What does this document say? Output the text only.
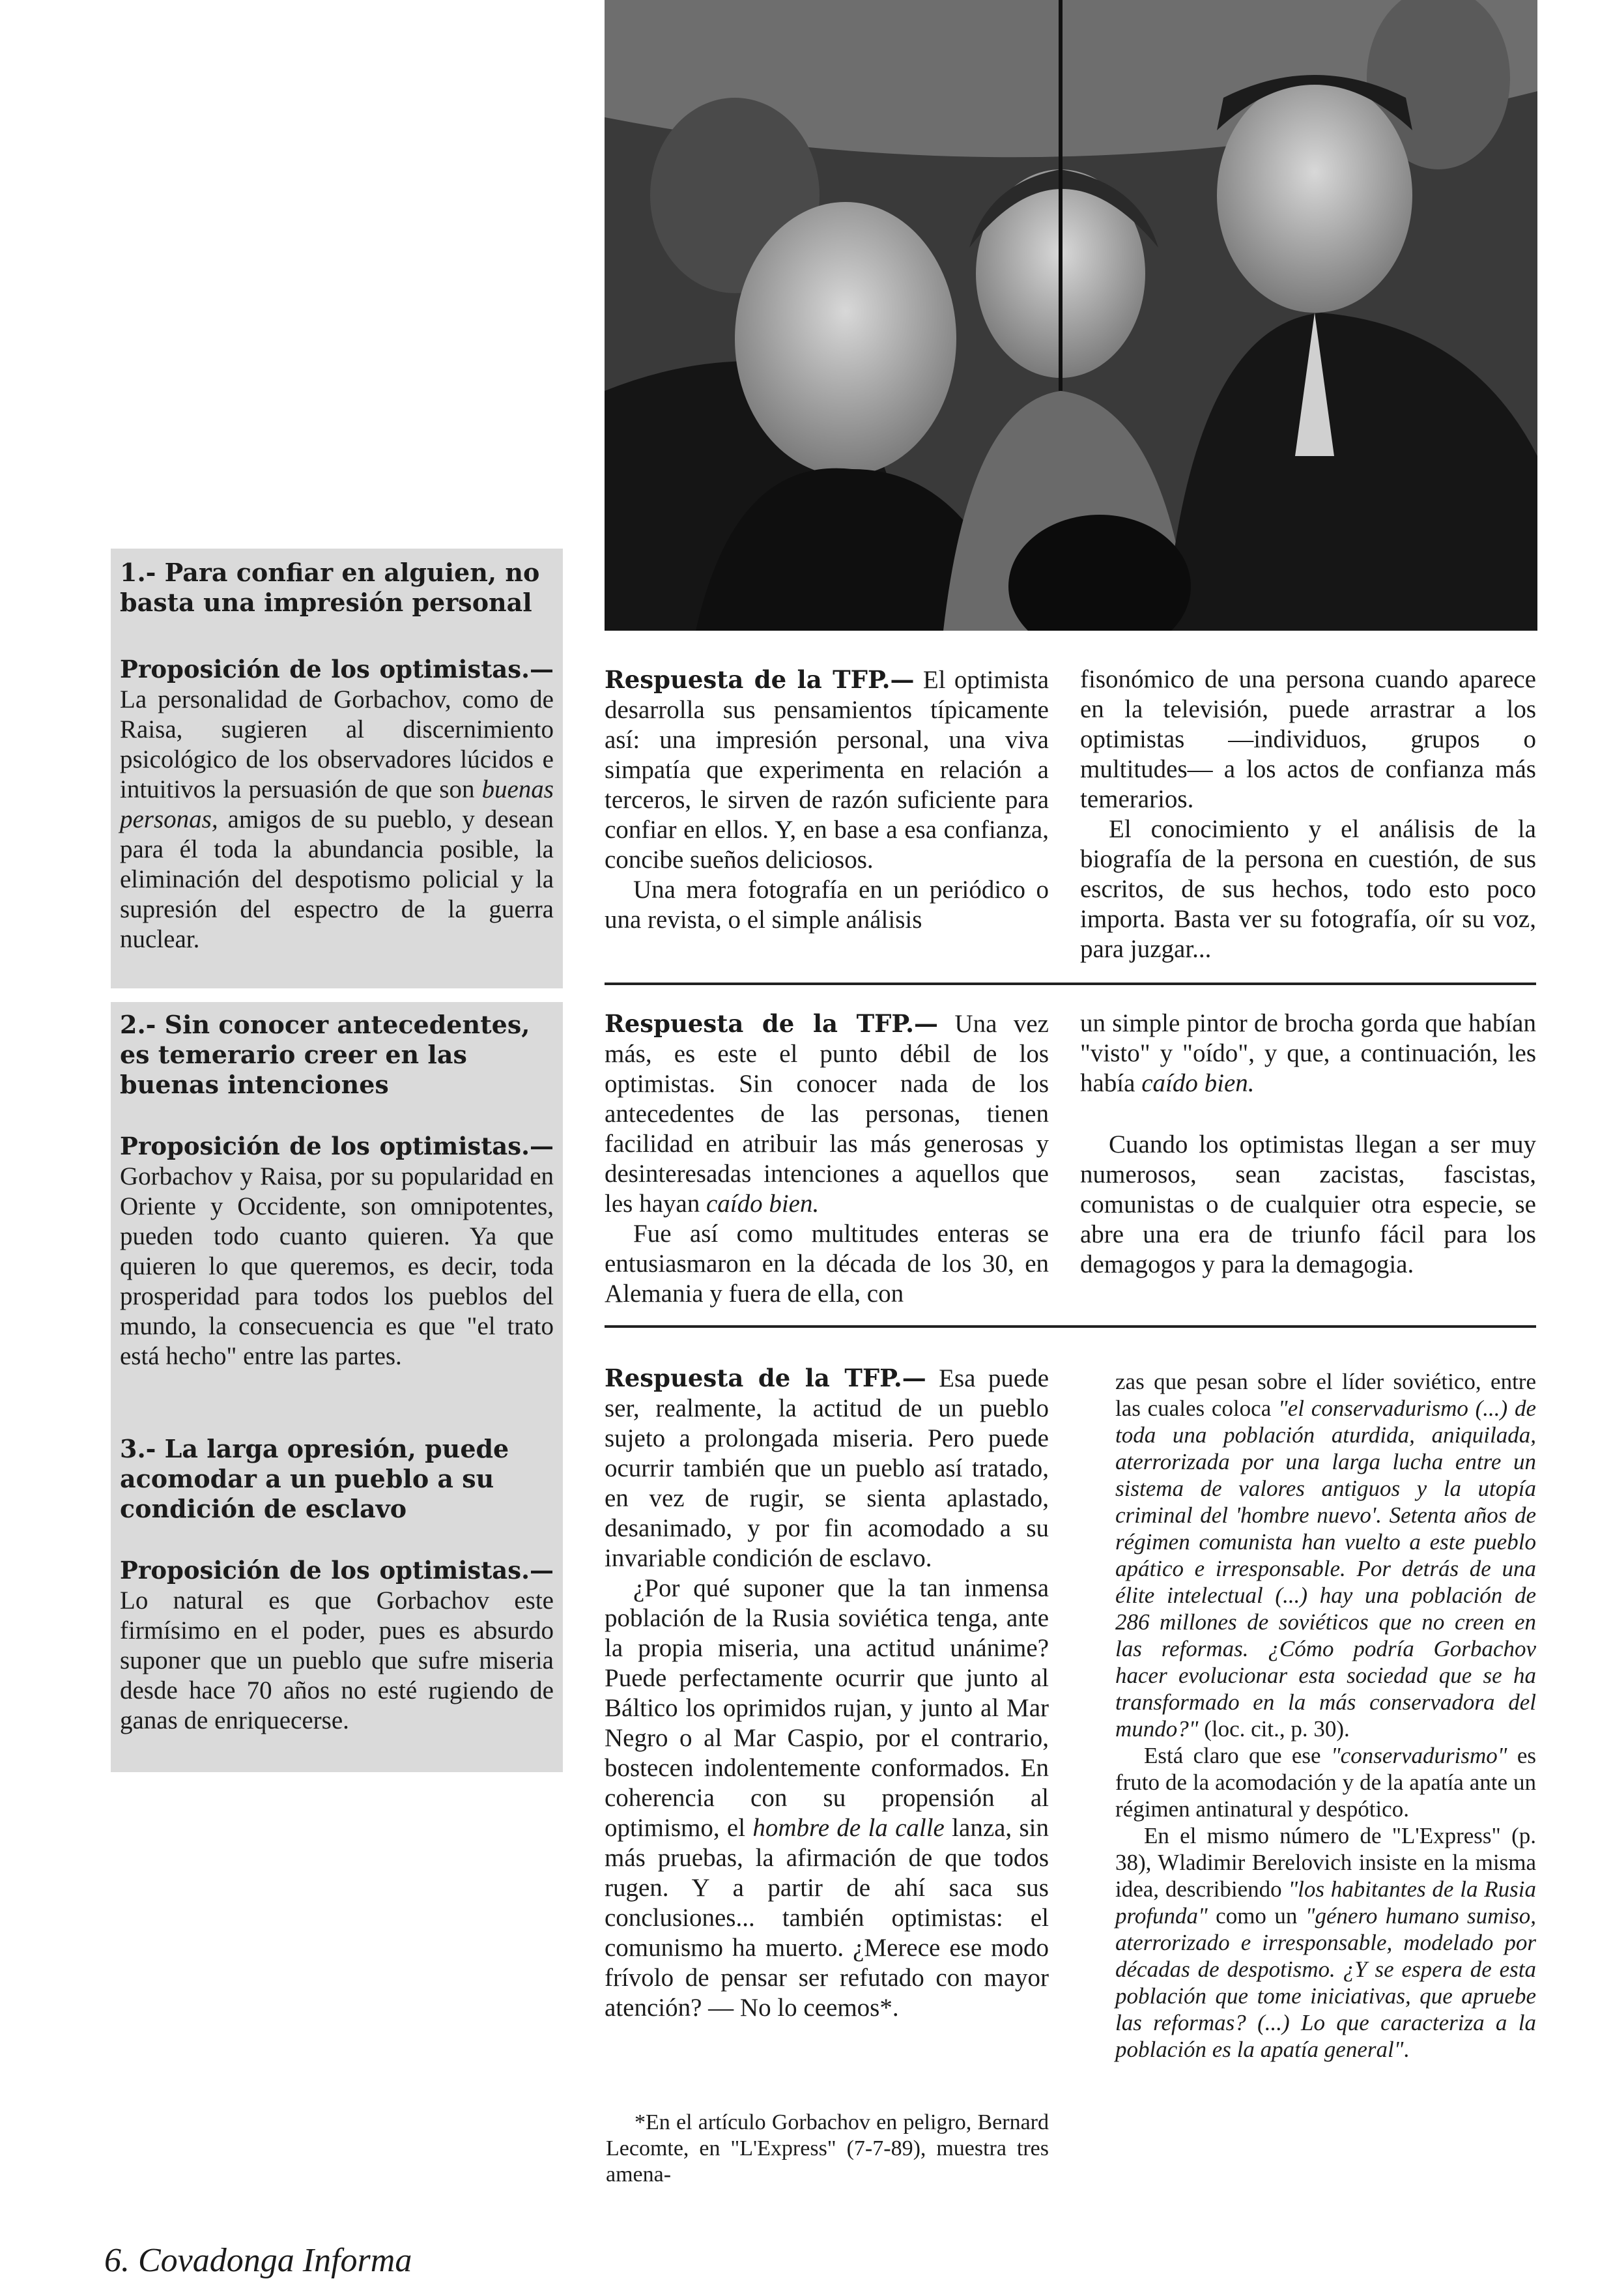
1.- Para confiar en alguien, no basta una impresión personal

Proposición de los optimistas.— La personalidad de Gorbachov, como de Raisa, sugieren al discernimiento psicológico de los observadores lúcidos e intuitivos la persuasión de que son buenas personas, amigos de su pueblo, y desean para él toda la abundancia posible, la eliminación del despotismo policial y la supresión del espectro de la guerra nuclear.

2.- Sin conocer antecedentes, es temerario creer en las buenas intenciones

Proposición de los optimistas.— Gorbachov y Raisa, por su popularidad en Oriente y Occidente, son omnipotentes, pueden todo cuanto quieren. Ya que quieren lo que queremos, es decir, toda prosperidad para todos los pueblos del mundo, la consecuencia es que "el trato está hecho" entre las partes.

3.- La larga opresión, puede acomodar a un pueblo a su condición de esclavo

Proposición de los optimistas.— Lo natural es que Gorbachov este firmísimo en el poder, pues es absurdo suponer que un pueblo que sufre miseria desde hace 70 años no esté rugiendo de ganas de enriquecerse.

Respuesta de la TFP.— El optimista desarrolla sus pensamientos típicamente así: una impresión personal, una viva simpatía que experimenta en relación a terceros, le sirven de razón suficiente para confiar en ellos. Y, en base a esa confianza, concibe sueños deliciosos.

Una mera fotografía en un periódico o una revista, o el simple análisis

fisonómico de una persona cuando aparece en la televisión, puede arrastrar a los optimistas —individuos, grupos o multitudes— a los actos de confianza más temerarios.

El conocimiento y el análisis de la biografía de la persona en cuestión, de sus escritos, de sus hechos, todo esto poco importa. Basta ver su fotografía, oír su voz, para juzgar...

Respuesta de la TFP.— Una vez más, es este el punto débil de los optimistas. Sin conocer nada de los antecedentes de las personas, tienen facilidad en atribuir las más generosas y desinteresadas intenciones a aquellos que les hayan caído bien.

Fue así como multitudes enteras se entusiasmaron en la década de los 30, en Alemania y fuera de ella, con

un simple pintor de brocha gorda que habían "visto" y "oído", y que, a continuación, les había caído bien.

Cuando los optimistas llegan a ser muy numerosos, sean zacistas, fascistas, comunistas o de cualquier otra especie, se abre una era de triunfo fácil para los demagogos y para la demagogia.

Respuesta de la TFP.— Esa puede ser, realmente, la actitud de un pueblo sujeto a prolongada miseria. Pero puede ocurrir también que un pueblo así tratado, en vez de rugir, se sienta aplastado, desanimado, y por fin acomodado a su invariable condición de esclavo.

¿Por qué suponer que la tan inmensa población de la Rusia soviética tenga, ante la propia miseria, una actitud unánime? Puede perfectamente ocurrir que junto al Báltico los oprimidos rujan, y junto al Mar Negro o al Mar Caspio, por el contrario, bostecen indolentemente conformados. En coherencia con su propensión al optimismo, el hombre de la calle lanza, sin más pruebas, la afirmación de que todos rugen. Y a partir de ahí saca sus conclusiones... también optimistas: el comunismo ha muerto. ¿Merece ese modo frívolo de pensar ser refutado con mayor atención? — No lo ceemos*.

*En el artículo Gorbachov en peligro, Bernard Lecomte, en "L'Express" (7-7-89), muestra tres amena-

zas que pesan sobre el líder soviético, entre las cuales coloca "el conservadurismo (...) de toda una población aturdida, aniquilada, aterrorizada por una larga lucha entre un sistema de valores antiguos y la utopía criminal del 'hombre nuevo'. Setenta años de régimen comunista han vuelto a este pueblo apático e irresponsable. Por detrás de una élite intelectual (...) hay una población de 286 millones de soviéticos que no creen en las reformas. ¿Cómo podría Gorbachov hacer evolucionar esta sociedad que se ha transformado en la más conservadora del mundo?" (loc. cit., p. 30).

Está claro que ese "conservadurismo" es fruto de la acomodación y de la apatía ante un régimen antinatural y despótico.

En el mismo número de "L'Express" (p. 38), Wladimir Berelovich insiste en la misma idea, describiendo "los habitantes de la Rusia profunda" como un "género humano sumiso, aterrorizado e irresponsable, modelado por décadas de despotismo. ¿Y se espera de esta población que tome iniciativas, que apruebe las reformas? (...) Lo que caracteriza a la población es la apatía general".

6. Covadonga Informa
